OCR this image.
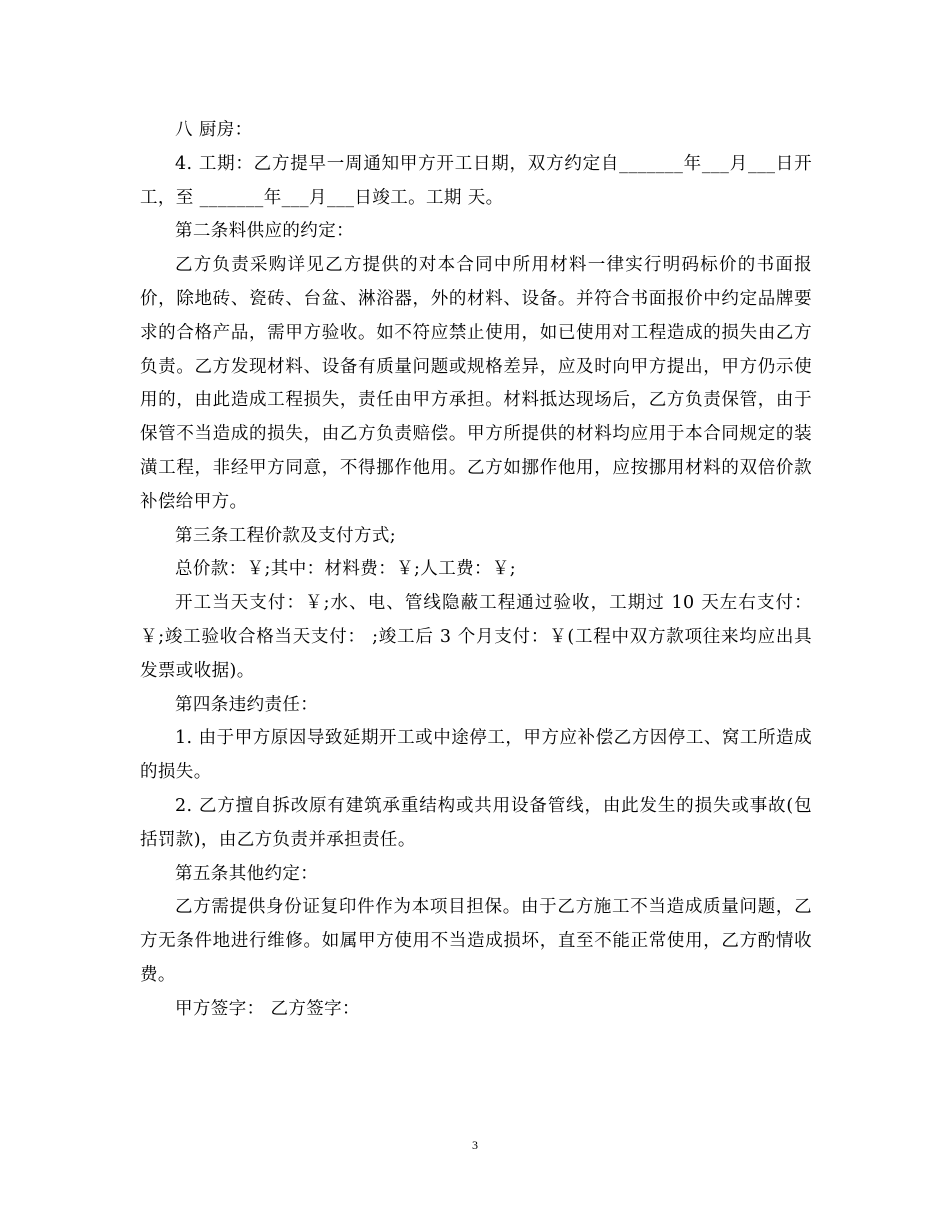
八 厨房：

4. 工期：乙方提早一周通知甲方开工日期，双方约定自_______年___月___日开工，至 _______年___月___日竣工。工期 天。

第二条料供应的约定：

乙方负责采购详见乙方提供的对本合同中所用材料一律实行明码标价的书面报价，除地砖、瓷砖、台盆、淋浴器，外的材料、设备。并符合书面报价中约定品牌要求的合格产品，需甲方验收。如不符应禁止使用，如已使用对工程造成的损失由乙方负责。乙方发现材料、设备有质量问题或规格差异，应及时向甲方提出，甲方仍示使用的，由此造成工程损失，责任由甲方承担。材料抵达现场后，乙方负责保管，由于保管不当造成的损失，由乙方负责赔偿。甲方所提供的材料均应用于本合同规定的装潢工程，非经甲方同意，不得挪作他用。乙方如挪作他用，应按挪用材料的双倍价款补偿给甲方。

第三条工程价款及支付方式;

总价款：￥;其中：材料费：￥;人工费：￥;

开工当天支付：￥;水、电、管线隐蔽工程通过验收，工期过 10 天左右支付：￥;竣工验收合格当天支付： ;竣工后 3 个月支付：￥(工程中双方款项往来均应出具发票或收据)。

第四条违约责任：

1. 由于甲方原因导致延期开工或中途停工，甲方应补偿乙方因停工、窝工所造成的损失。

2. 乙方擅自拆改原有建筑承重结构或共用设备管线，由此发生的损失或事故(包括罚款)，由乙方负责并承担责任。

第五条其他约定：

乙方需提供身份证复印件作为本项目担保。由于乙方施工不当造成质量问题，乙方无条件地进行维修。如属甲方使用不当造成损坏，直至不能正常使用，乙方酌情收费。

甲方签字： 乙方签字：

3
